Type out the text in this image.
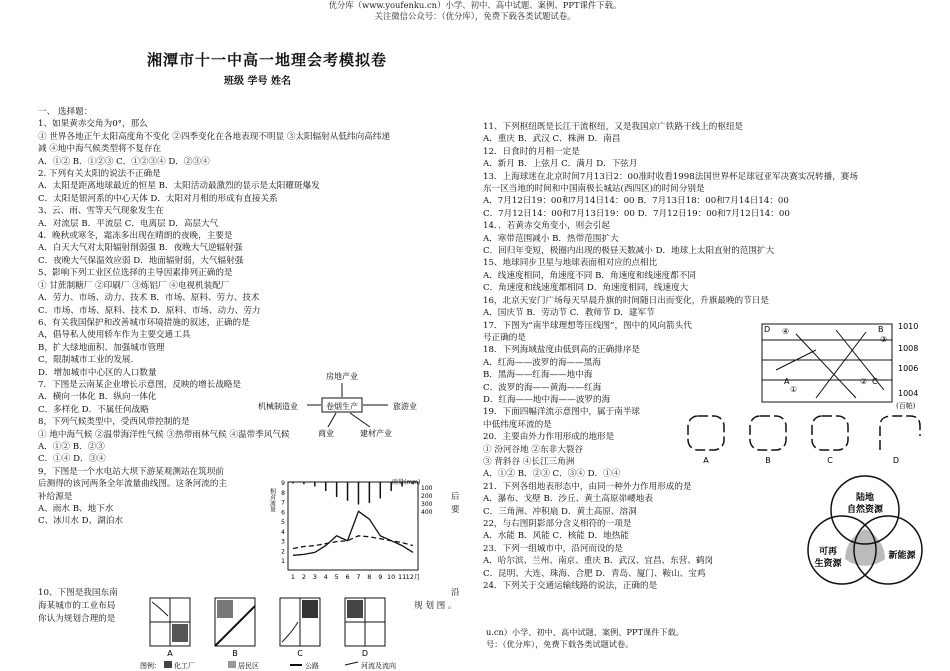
优分库（www.youfenku.cn）小学、初中、高中试题、案例、PPT课件下载。
关注微信公众号：（优分库），免费下载各类试题试卷。
湘潭市十一中高一地理会考模拟卷
班级 学号 姓名
一、 选择题：
1、如果黄赤交角为0°，那么
① 世界各地正午太阳高度角不变化 ②四季变化在各地表现不明显 ③太阳辐射从低纬向高纬递
减 ④地中海气候类型将不复存在
A．①② B．①②③ C．①②③④ D．②③④
2. 下列有关太阳的说法不正确是
A．太阳是距离地球最近的恒星 B．太阳活动最激烈的显示是太阳耀斑爆发
C．太阳是银河系的中心天体 D．太阳对月相的形成有直接关系
3、云、雨、雪等天气现象发生在
A．对流层 B．平流层 C．电离层 D．高层大气
4．晚秋或寒冬，霜冻多出现在晴朗的夜晚，主要是
A．白天大气对太阳辐射削弱强 B．夜晚大气逆辐射强
C．夜晚大气保温效应弱 D．地面辐射弱，大气辐射强
5、影响下列工业区位选择的主导因素排列正确的是
① 甘蔗制糖厂 ②印刷厂 ③炼铝厂 ④电视机装配厂
A．劳力、市场、动力、技术 B．市场、原料、劳力、技术
C．市场、市场、原料、技术 D．原料、市场、动力、劳力
6、有关我国保护和改善城市环境措施的叙述，正确的是
A，倡导私人使用轿车作为主要交通工具
B，扩大绿地面积、加强城市管理
C，限制城市工业的发展.
D．增加城市中心区的人口数量
7．下图是云南某企业增长示意图，反映的增长战略是
A．横向一体化 B．纵向一体化
C．多样化 D．不属任何战略
8，下列气候类型中，受西风带控制的是
① 地中海气候 ②温带海洋性气候 ③热带雨林气候 ④温带季风气候
A．①② B．②③
C．①④ D．③④
9，下图是一个水电站大坝下游某观测站在筑坝前
后测得的该河两条全年流量曲线图。这条河流的主
补给源是
A、雨水 B、地下水
C、冰川水 D、湖泊水
后
要
卷烟生产
房地产业
机械制造业	旅游业
商业	建材产业
1
2
3
4
5
6
7
8
9
100
200
300
400
1 2 3 4 5 6 7 8 9 10 11 12月
相对流量
雨量(mm)
10、下图是我国东南	沿
海某城市的工业布局	规 划 图 。
你认为规划合理的是
A	B	C	D
图例： 化工厂	居民区	公路	河流及流向
11、下列枢纽既是长江干流枢纽，又是我国京广铁路干线上的枢纽是
A．重庆 B．武汉 C．株洲 D．南昌
12．日食时的月相一定是
A．新月 B．上弦月 C．满月 D．下弦月
13．上海球迷在北京时间7月13日2：00准时收看1998法国世界杯足球冠亚军决赛实况转播，赛场
东一区当地的时间和中国南极长城站(西四区)的时间分别是
A．7月12日19：00和7月14日14：00 B．7月13日18：00和7月14日14：00
C．7月12日14：00和7月13日19：00 D．7月12日19：00和7月12日14：00
14．．若黄赤交角变小，则会引起
A．寒带范围减小 B．热带范围扩大
C．回归年变短，极圈内出现的极昼天数减小 D．地球上太阳直射的范围扩大
15、地球同步卫星与地球表面相对应的点相比
A．线速度相同，角速度不同 B．角速度和线速度都不同
C．角速度和线速度都相同 D．角速度相同，线速度大
16，北京天安门广场每天早晨升旗的时间随日出而变化，升旗最晚的节日是
A．国庆节 B．劳动节 C．教师节 D．建军节
17．下图为“南半球理想等压线图”，图中的风向箭头代
号正确的是
18．下列海域盐度由低到高的正确排序是
A．红海——波罗的海——黑海
B．黑海——红海——地中海
C．波罗的海——黄海——红海
D．红海——地中海——波罗的海
19．下面四幅洋流示意图中，属于南半球
中低纬度环流的是
20．主要由外力作用形成的地形是
① 汾河谷地 ②东非大裂谷
③ 背斜谷 ④长江三角洲
A．①② B．②③ C．③④ D．①④
21．下列各组地表形态中，由同一种外力作用形成的是
A．瀑布、戈壁 B．沙丘、黄土高原峁崾地表
C．三角洲、冲积扇 D．黄土高原、溶洞
22，与右图阴影部分含义相符的一项是
A．水能 B．风能 C．核能 D．地热能
23．下列一组城市中，沿河而设的是
A．哈尔滨、兰州、南京、重庆 B．武汉、宜昌、东营、鹤岗
C．昆明、大连、珠海、合肥 D．青岛、厦门、鞍山、宝鸡
24．下列关于交通运输线路的说法，正确的是
D ④	B
③
A
①
C
②
1010
1008
1006
1004
(百帕)
A	B	C	D
陆地
自然资源
可再
生资源
新能源
u.cn）小学、初中、高中试题、案例、PPT课件下载。
号：（优分库），免费下载各类试题试卷。
